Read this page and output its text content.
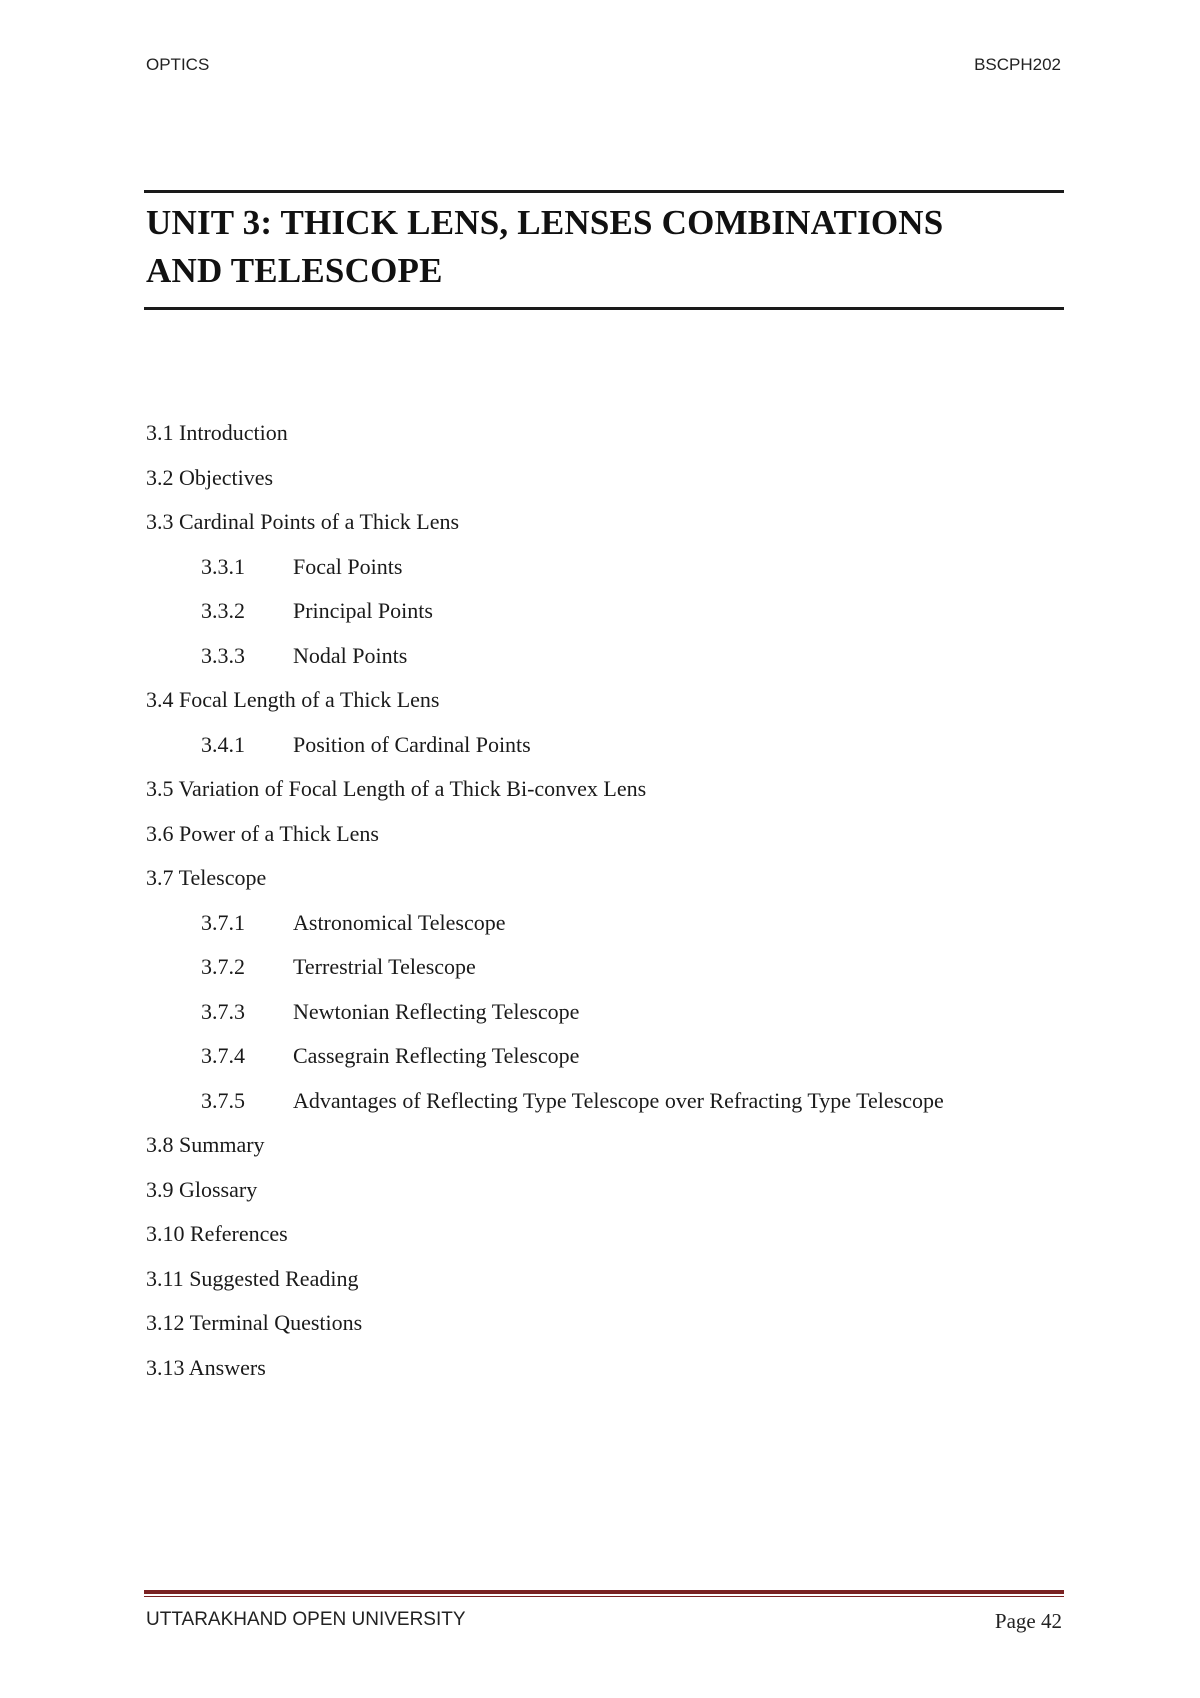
OPTICS	BSCPH202
UNIT 3: THICK LENS, LENSES COMBINATIONS
AND TELESCOPE
3.1 Introduction
3.2 Objectives
3.3 Cardinal Points of a Thick Lens
3.3.1 Focal Points
3.3.2 Principal Points
3.3.3 Nodal Points
3.4 Focal Length of a Thick Lens
3.4.1 Position of Cardinal Points
3.5 Variation of Focal Length of a Thick Bi-convex Lens
3.6 Power of a Thick Lens
3.7 Telescope
3.7.1 Astronomical Telescope
3.7.2 Terrestrial Telescope
3.7.3 Newtonian Reflecting Telescope
3.7.4 Cassegrain Reflecting Telescope
3.7.5 Advantages of Reflecting Type Telescope over Refracting Type Telescope
3.8 Summary
3.9 Glossary
3.10 References
3.11 Suggested Reading
3.12 Terminal Questions
3.13 Answers
UTTARAKHAND OPEN UNIVERSITY	Page 42
